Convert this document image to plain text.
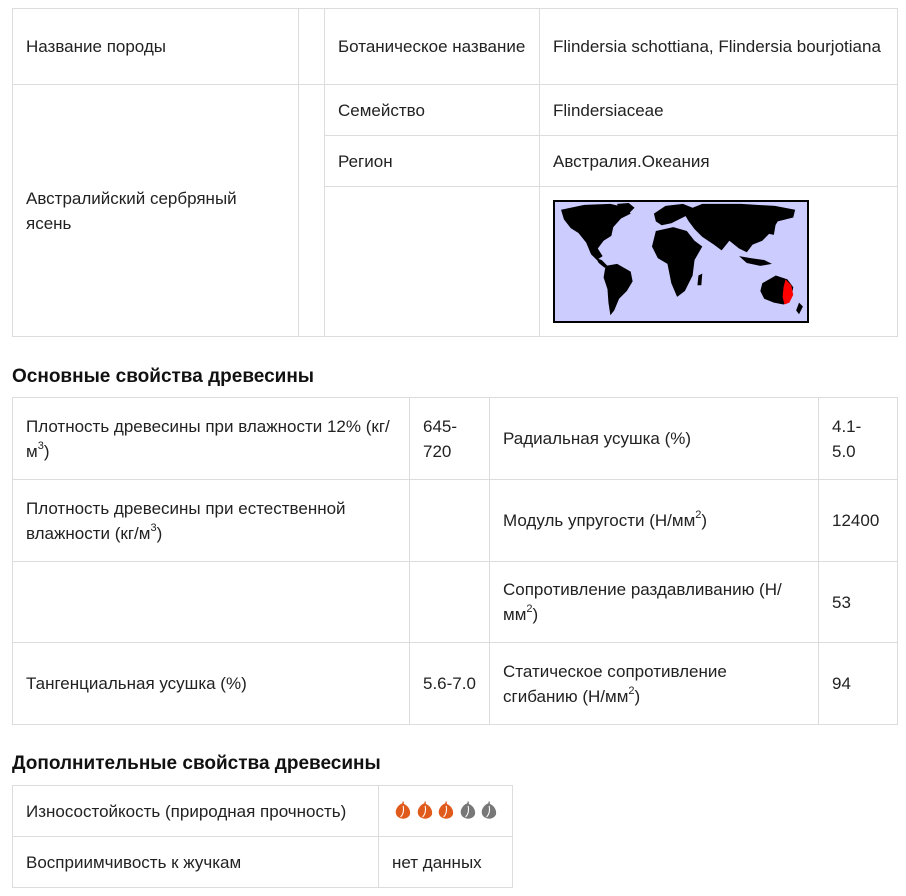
Название породы		Ботаническое название	Flindersia schottiana, Flindersia bourjotiana
Австралийский сербряный ясень		Семейство	Flindersiaceae
		Регион	Австралия.Океания

Основные свойства древесины
Плотность древесины при влажности 12% $(кг/м^3)$	645-720	Радиальная усушка (%)	4.1-5.0
Плотность древесины при естественной влажности $(кг/м^3)$		Модуль упругости $(Н/мм^2)$	12400
		Сопротивление раздавливанию $(Н/мм^2)$	53
Тангенциальная усушка (%)	5.6-7.0	Статическое сопротивление сгибанию $(Н/мм^2)$	94
Дополнительные свойства древесины
Износостойкость (природная прочность)	

Восприимчивость к жучкам	нет данных
